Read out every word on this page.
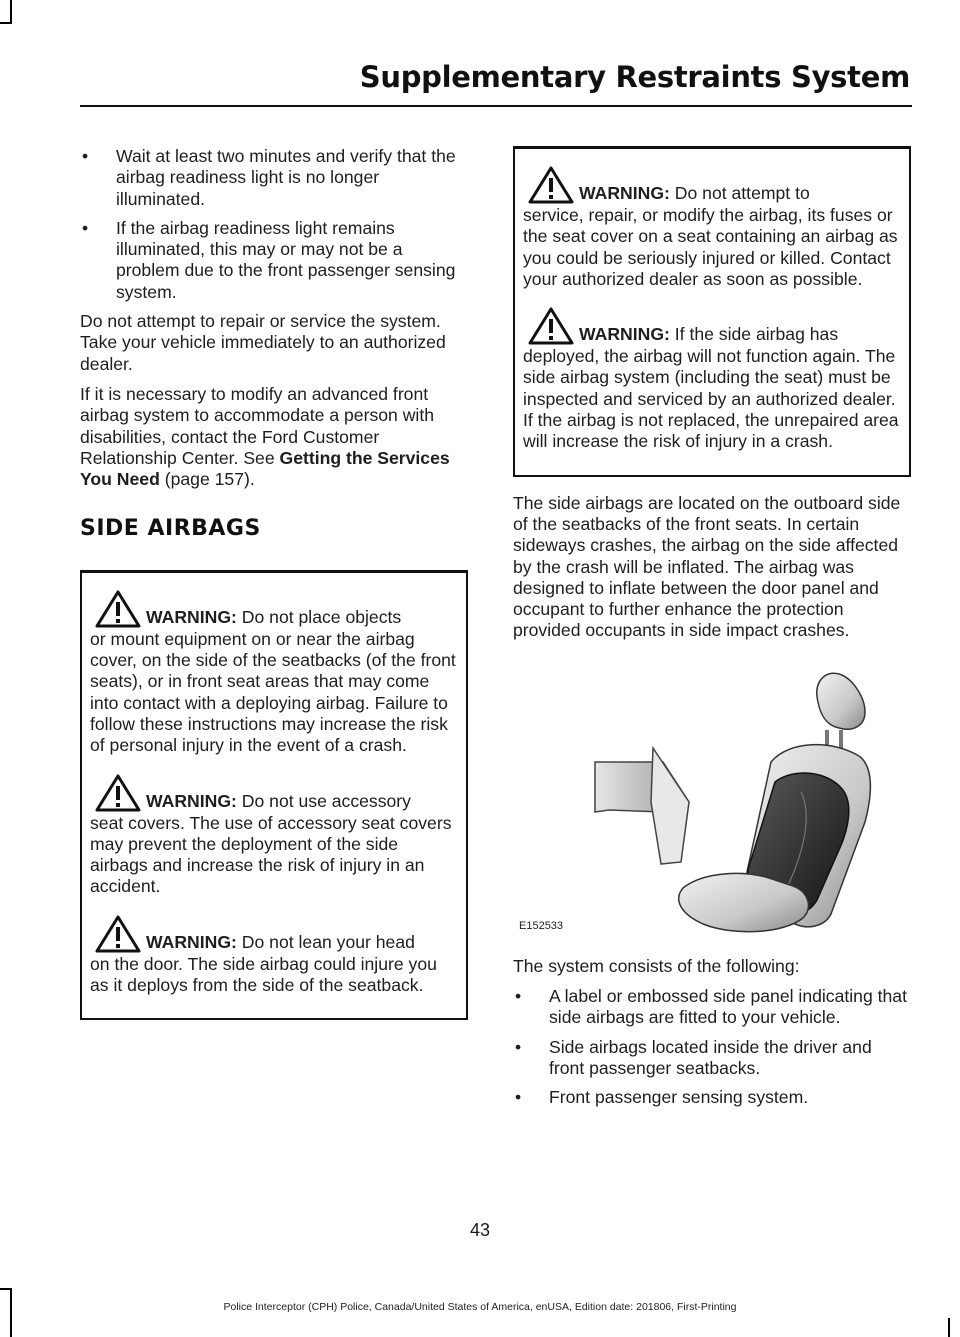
Supplementary Restraints System
• Wait at least two minutes and verify that the airbag readiness light is no longer illuminated.
• If the airbag readiness light remains illuminated, this may or may not be a problem due to the front passenger sensing system.

Do not attempt to repair or service the system. Take your vehicle immediately to an authorized dealer.

If it is necessary to modify an advanced front airbag system to accommodate a person with disabilities, contact the Ford Customer Relationship Center. See Getting the Services You Need (page 157).

SIDE AIRBAGS
WARNING: Do not place objects
or mount equipment on or near the airbag cover, on the side of the seatbacks (of the front seats), or in front seat areas that may come into contact with a deploying airbag. Failure to follow these instructions may increase the risk of personal injury in the event of a crash.
WARNING: Do not use accessory
seat covers. The use of accessory seat covers may prevent the deployment of the side airbags and increase the risk of injury in an accident.
WARNING: Do not lean your head
on the door. The side airbag could injure you as it deploys from the side of the seatback.
WARNING: Do not attempt to
service, repair, or modify the airbag, its fuses or the seat cover on a seat containing an airbag as you could be seriously injured or killed. Contact your authorized dealer as soon as possible.
WARNING: If the side airbag has
deployed, the airbag will not function again. The side airbag system (including the seat) must be inspected and serviced by an authorized dealer. If the airbag is not replaced, the unrepaired area will increase the risk of injury in a crash.

The side airbags are located on the outboard side of the seatbacks of the front seats. In certain sideways crashes, the airbag on the side affected by the crash will be inflated. The airbag was designed to inflate between the door panel and occupant to further enhance the protection provided occupants in side impact crashes.

E152533

The system consists of the following:

• A label or embossed side panel indicating that side airbags are fitted to your vehicle.
• Side airbags located inside the driver and front passenger seatbacks.
• Front passenger sensing system.
43
Police Interceptor (CPH) Police, Canada/United States of America, enUSA, Edition date: 201806, First-Printing
